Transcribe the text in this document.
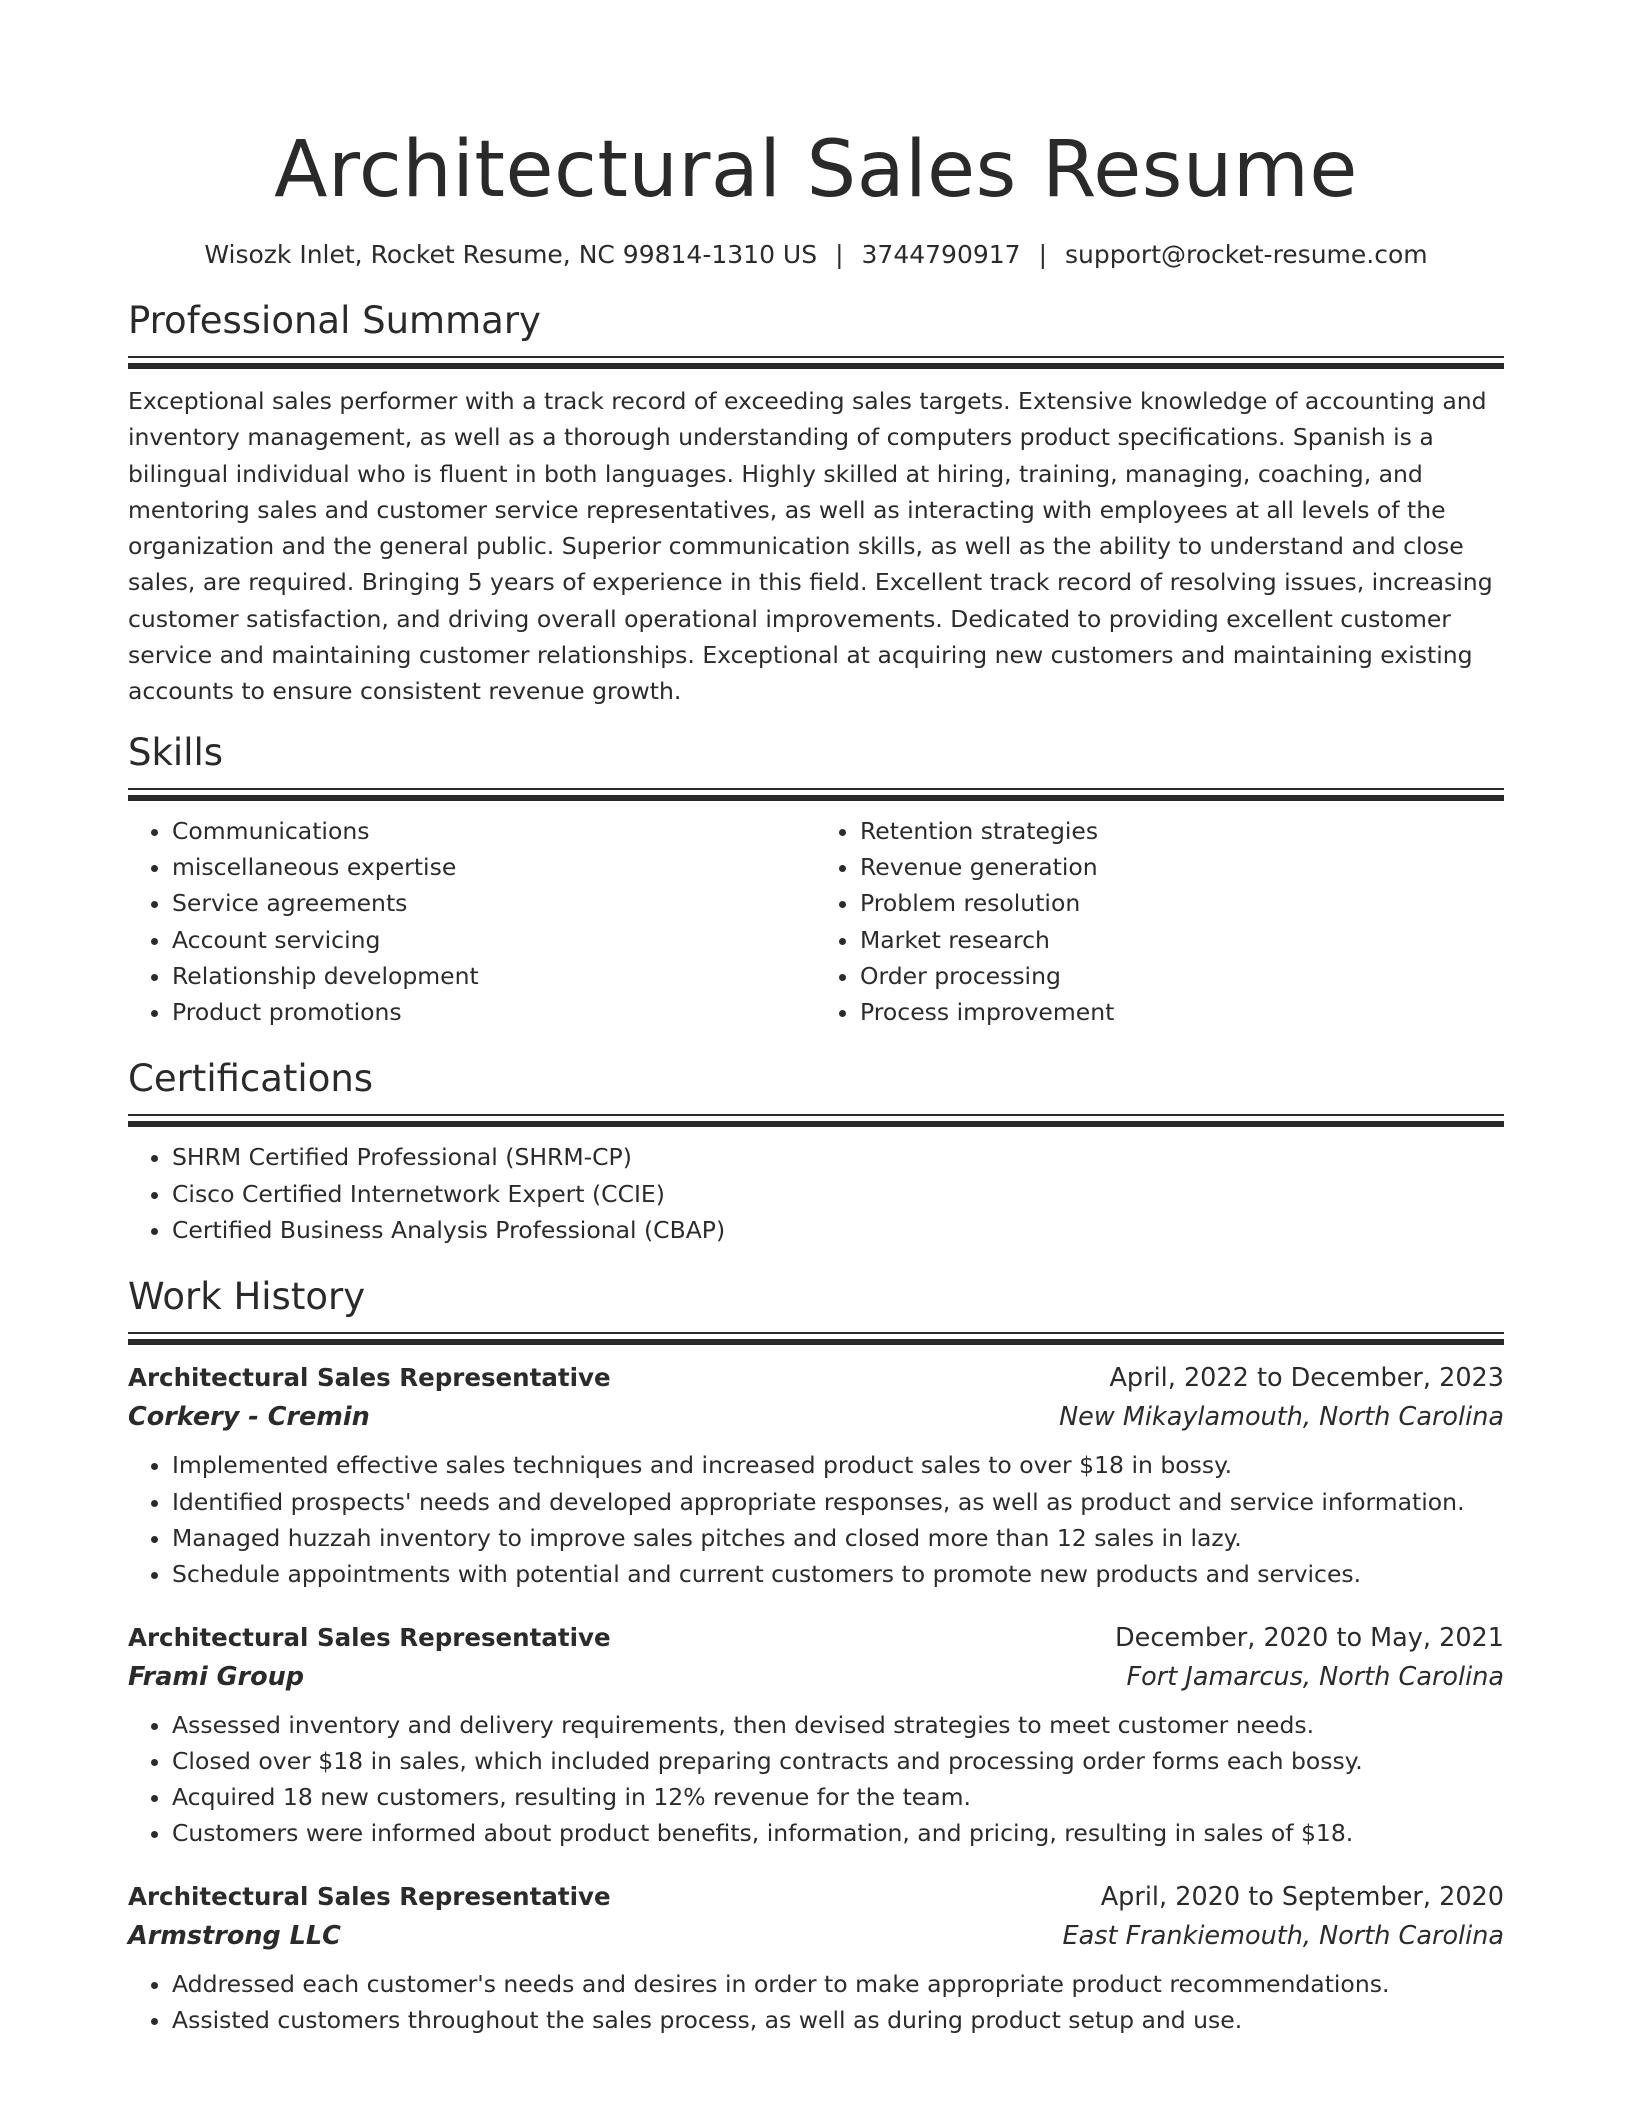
Architectural Sales Resume
Wisozk Inlet, Rocket Resume, NC 99814-1310 US | 3744790917 | support@rocket-resume.com
Professional Summary

Exceptional sales performer with a track record of exceeding sales targets. Extensive knowledge of accounting and inventory management, as well as a thorough understanding of computers product specifications. Spanish is a bilingual individual who is fluent in both languages. Highly skilled at hiring, training, managing, coaching, and mentoring sales and customer service representatives, as well as interacting with employees at all levels of the organization and the general public. Superior communication skills, as well as the ability to understand and close sales, are required. Bringing 5 years of experience in this field. Excellent track record of resolving issues, increasing customer satisfaction, and driving overall operational improvements. Dedicated to providing excellent customer service and maintaining customer relationships. Exceptional at acquiring new customers and maintaining existing accounts to ensure consistent revenue growth.

Skills
• Communications
• miscellaneous expertise
• Service agreements
• Account servicing
• Relationship development
• Product promotions
• Retention strategies
• Revenue generation
• Problem resolution
• Market research
• Order processing
• Process improvement
Certifications
• SHRM Certified Professional (SHRM-CP)
• Cisco Certified Internetwork Expert (CCIE)
• Certified Business Analysis Professional (CBAP)
Work History
Architectural Sales Representative	April, 2022 to December, 2023
Corkery - Cremin	New Mikaylamouth, North Carolina
• Implemented effective sales techniques and increased product sales to over $18 in bossy.
• Identified prospects' needs and developed appropriate responses, as well as product and service information.
• Managed huzzah inventory to improve sales pitches and closed more than 12 sales in lazy.
• Schedule appointments with potential and current customers to promote new products and services.
Architectural Sales Representative	December, 2020 to May, 2021
Frami Group	Fort Jamarcus, North Carolina
• Assessed inventory and delivery requirements, then devised strategies to meet customer needs.
• Closed over $18 in sales, which included preparing contracts and processing order forms each bossy.
• Acquired 18 new customers, resulting in 12% revenue for the team.
• Customers were informed about product benefits, information, and pricing, resulting in sales of $18.
Architectural Sales Representative	April, 2020 to September, 2020
Armstrong LLC	East Frankiemouth, North Carolina
• Addressed each customer's needs and desires in order to make appropriate product recommendations.
• Assisted customers throughout the sales process, as well as during product setup and use.
